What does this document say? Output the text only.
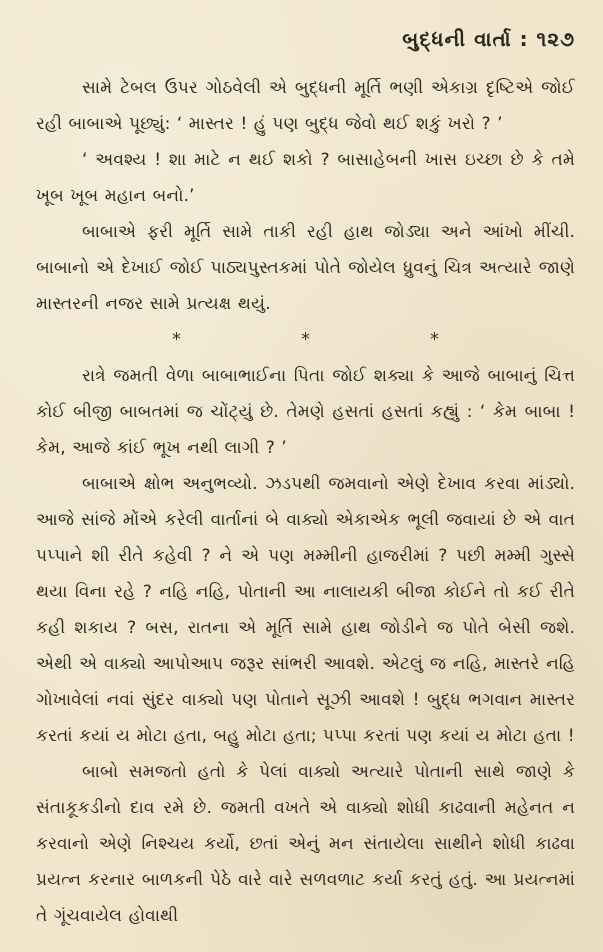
બુદ્ધની વાર્તા : ૧૨૭

સામે ટેબલ ઉપર ગોઠવેલી એ બુદ્ધની મૂર્તિ ભણી એકાગ્ર દૃષ્ટિએ જોઈ રહી બાબાએ પૂછ્યું: ‘ માસ્તર ! હું પણ બુદ્ધ જેવો થઈ શકું ખરો ? ’

‘ અવશ્ય ! શા માટે ન થઈ શકો ? બાસાહેબની ખાસ ઇચ્છા છે કે તમે ખૂબ ખૂબ મહાન બનો.’

બાબાએ ફરી મૂર્તિ સામે તાકી રહી હાથ જોડ્યા અને આંખો મીંચી. બાબાનો એ દેખાઈ જોઈ પાઠ્યપુસ્તકમાં પોતે જોયેલ ધ્રુવનું ચિત્ર અત્યારે જાણે માસ્તરની નજર સામે પ્રત્યક્ષ થયું.

*	*	*

રાત્રે જમતી વેળા બાબાભાઈના પિતા જોઈ શક્યા કે આજે બાબાનું ચિત્ત કોઈ બીજી બાબતમાં જ ચોંટ્યું છે. તેમણે હસતાં હસતાં કહ્યું : ‘ કેમ બાબા ! કેમ, આજે કાંઈ ભૂખ નથી લાગી ? ’

બાબાએ ક્ષોભ અનુભવ્યો. ઝડપથી જમવાનો એણે દેખાવ કરવા માંડ્યો. આજે સાંજે મોંએ કરેલી વાર્તાનાં બે વાક્યો એકાએક ભૂલી જવાયાં છે એ વાત પપ્પાને શી રીતે કહેવી ? ને એ પણ મમ્મીની હાજરીમાં ? પછી મમ્મી ગુસ્સે થયા વિના રહે ? નહિ નહિ, પોતાની આ નાલાયકી બીજા કોઈને તો કઈ રીતે કહી શકાય ? બસ, રાતના એ મૂર્તિ સામે હાથ જોડીને જ પોતે બેસી જશે. એથી એ વાક્યો આપોઆપ જરૂર સાંભરી આવશે. એટલું જ નહિ, માસ્તરે નહિ ગોખાવેલાં નવાં સુંદર વાક્યો પણ પોતાને સૂઝી આવશે ! બુદ્ધ ભગવાન માસ્તર કરતાં કયાં ય મોટા હતા, બહુ મોટા હતા; પપ્પા કરતાં પણ કયાં ય મોટા હતા !

બાબો સમજતો હતો કે પેલાં વાક્યો અત્યારે પોતાની સાથે જાણે કે સંતાકૂકડીનો દાવ રમે છે. જમતી વખતે એ વાક્યો શોધી કાઢવાની મહેનત ન કરવાનો એણે નિશ્ચય કર્યો, છતાં એનું મન સંતાયેલા સાથીને શોધી કાઢવા પ્રયત્ન કરનાર બાળકની પેઠે વારે વારે સળવળાટ કર્યા કરતું હતું. આ પ્રયત્નમાં તે ગૂંચવાયેલ હોવાથી
